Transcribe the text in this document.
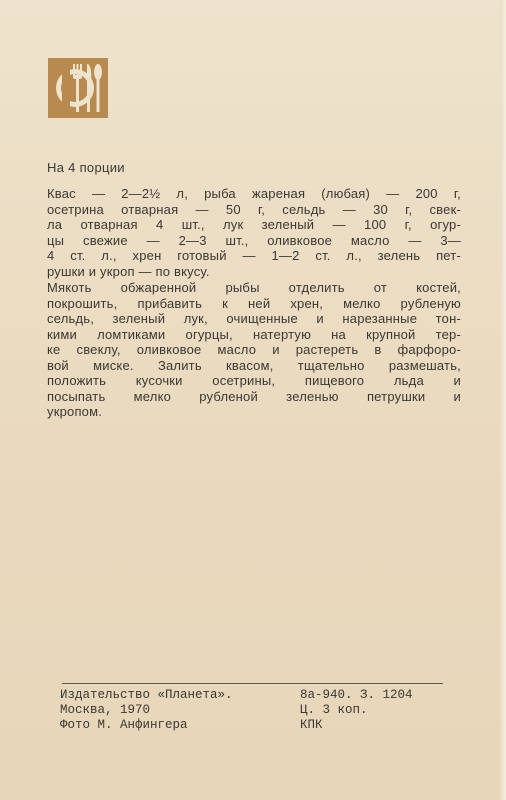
На 4 порции
Квас — 2—2½ л, рыба жареная (любая) — 200 г,
осетрина отварная — 50 г, сельдь — 30 г, свек-
ла отварная 4 шт., лук зеленый — 100 г, огур-
цы свежие — 2—3 шт., оливковое масло — 3—
4 ст. л., хрен готовый — 1—2 ст. л., зелень пет-
рушки и укроп — по вкусу.
Мякоть обжаренной рыбы отделить от костей,
покрошить, прибавить к ней хрен, мелко рубленую
сельдь, зеленый лук, очищенные и нарезанные тон-
кими ломтиками огурцы, натертую на крупной тер-
ке свеклу, оливковое масло и растереть в фарфоро-
вой миске. Залить квасом, тщательно размешать,
положить кусочки осетрины, пищевого льда и
посыпать мелко рубленой зеленью петрушки и
укропом.
Издательство «Планета».
Москва, 1970
Фото М. Анфингера
8а-940. З. 1204
Ц. 3 коп.
КПК
